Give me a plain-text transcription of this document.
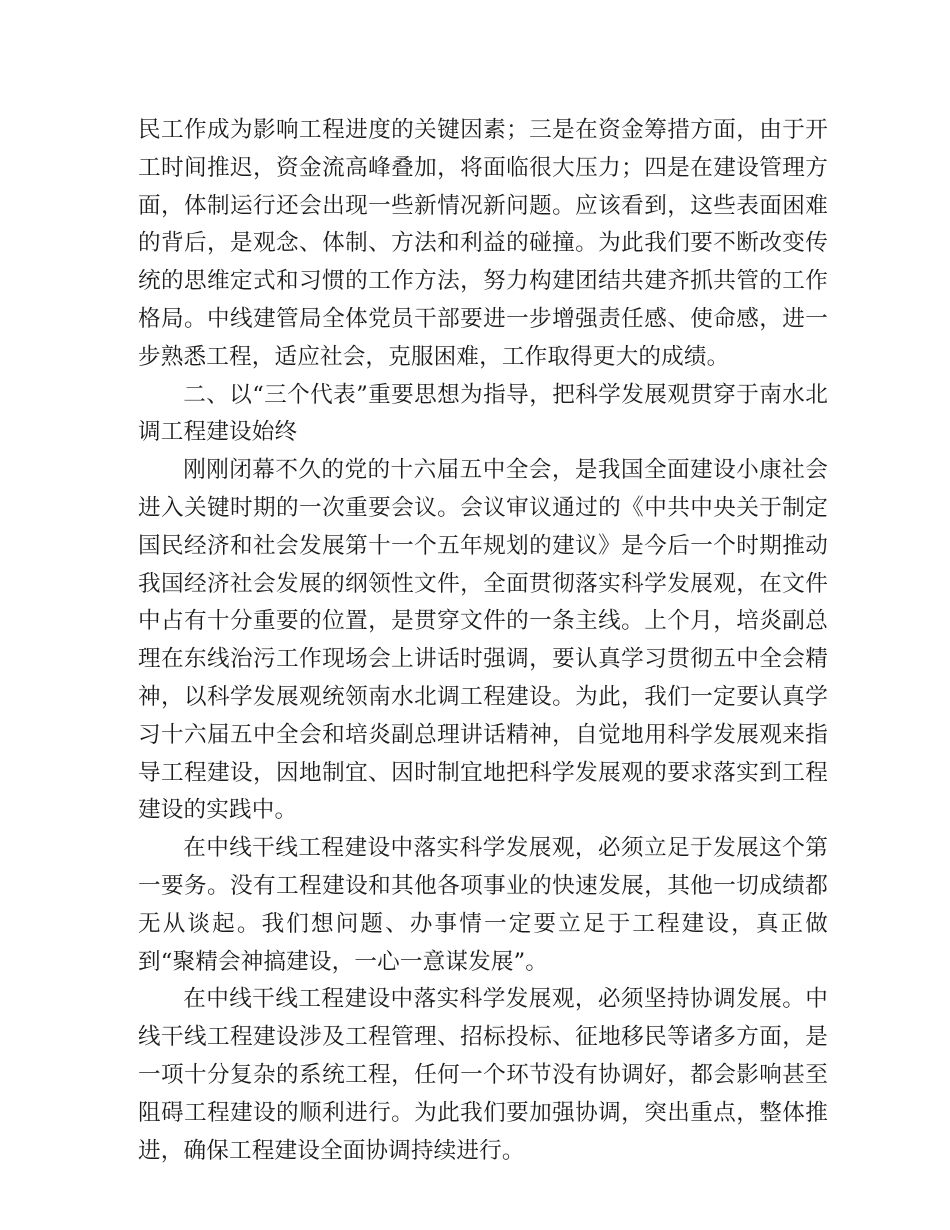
民工作成为影响工程进度的关键因素；三是在资金筹措方面，由于开工时间推迟，资金流高峰叠加，将面临很大压力；四是在建设管理方面，体制运行还会出现一些新情况新问题。应该看到，这些表面困难的背后，是观念、体制、方法和利益的碰撞。为此我们要不断改变传统的思维定式和习惯的工作方法，努力构建团结共建齐抓共管的工作格局。中线建管局全体党员干部要进一步增强责任感、使命感，进一步熟悉工程，适应社会，克服困难，工作取得更大的成绩。

二、以“三个代表”重要思想为指导，把科学发展观贯穿于南水北调工程建设始终

刚刚闭幕不久的党的十六届五中全会，是我国全面建设小康社会进入关键时期的一次重要会议。会议审议通过的《中共中央关于制定国民经济和社会发展第十一个五年规划的建议》是今后一个时期推动我国经济社会发展的纲领性文件，全面贯彻落实科学发展观，在文件中占有十分重要的位置，是贯穿文件的一条主线。上个月，培炎副总理在东线治污工作现场会上讲话时强调，要认真学习贯彻五中全会精神，以科学发展观统领南水北调工程建设。为此，我们一定要认真学习十六届五中全会和培炎副总理讲话精神，自觉地用科学发展观来指导工程建设，因地制宜、因时制宜地把科学发展观的要求落实到工程建设的实践中。

在中线干线工程建设中落实科学发展观，必须立足于发展这个第一要务。没有工程建设和其他各项事业的快速发展，其他一切成绩都无从谈起。我们想问题、办事情一定要立足于工程建设，真正做到“聚精会神搞建设，一心一意谋发展”。

在中线干线工程建设中落实科学发展观，必须坚持协调发展。中线干线工程建设涉及工程管理、招标投标、征地移民等诸多方面，是一项十分复杂的系统工程，任何一个环节没有协调好，都会影响甚至阻碍工程建设的顺利进行。为此我们要加强协调，突出重点，整体推进，确保工程建设全面协调持续进行。
